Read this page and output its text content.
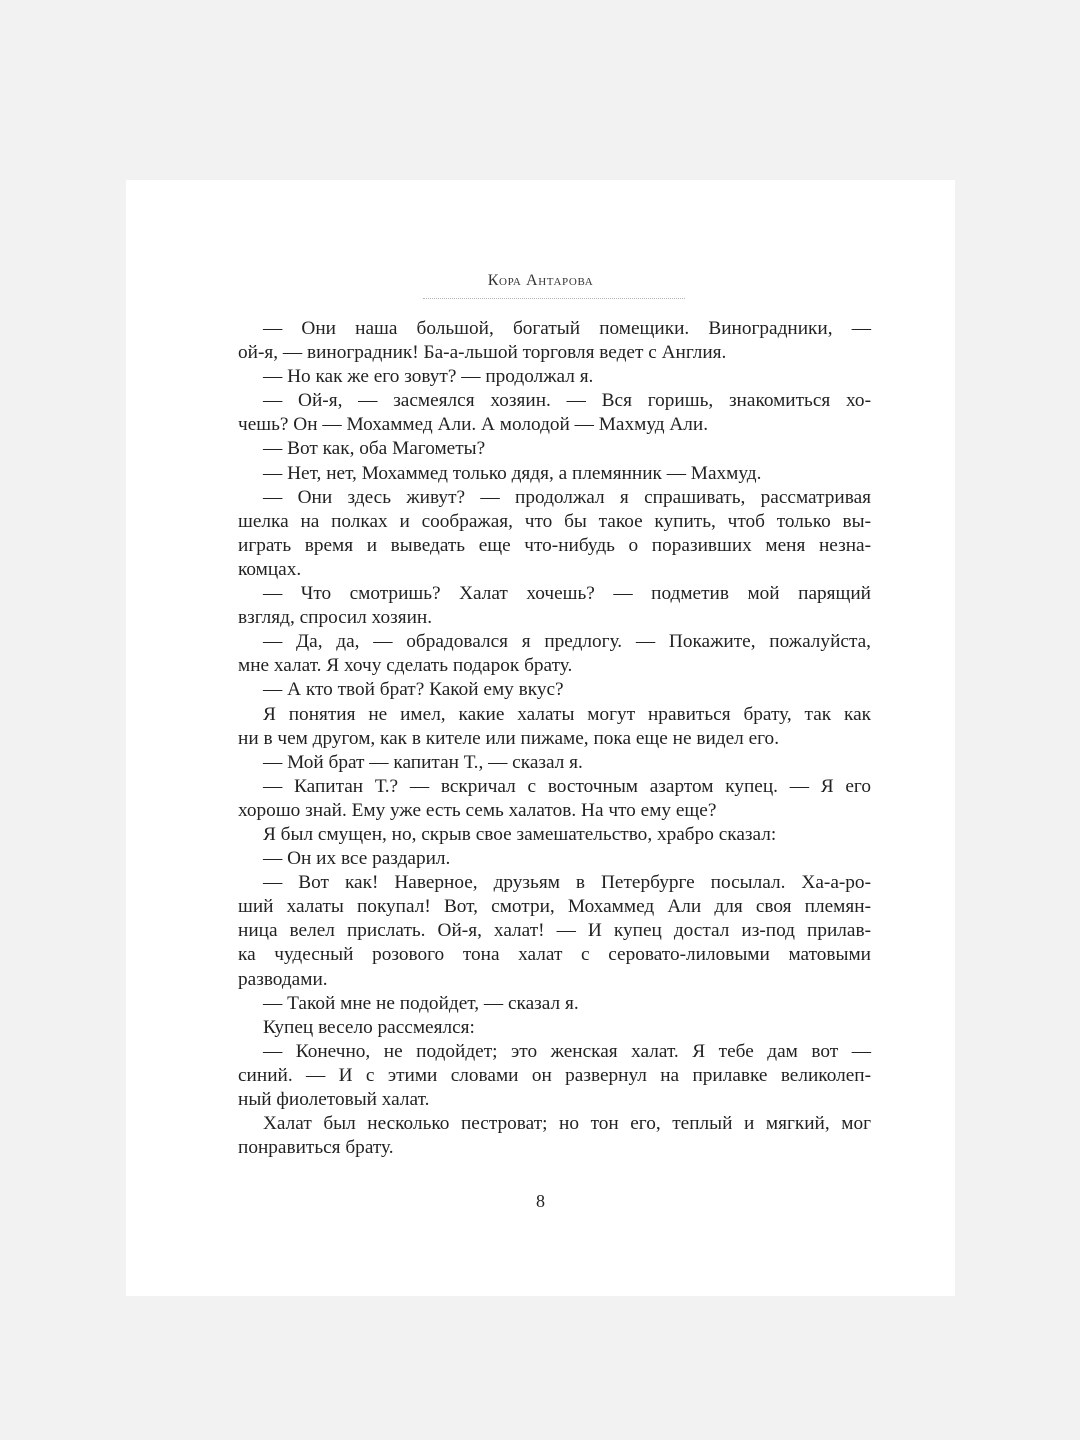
Кора Антарова
— Они наша большой, богатый помещики. Виноградники, —
ой-я, — виноградник! Ба-а-льшой торговля ведет с Англия.
— Но как же его зовут? — продолжал я.
— Ой-я, — засмеялся хозяин. — Вся горишь, знакомиться хо-
чешь? Он — Мохаммед Али. А молодой — Махмуд Али.
— Вот как, оба Магометы?
— Нет, нет, Мохаммед только дядя, а племянник — Махмуд.
— Они здесь живут? — продолжал я спрашивать, рассматривая
шелка на полках и соображая, что бы такое купить, чтоб только вы-
играть время и выведать еще что-нибудь о поразивших меня незна-
комцах.
— Что смотришь? Халат хочешь? — подметив мой парящий
взгляд, спросил хозяин.
— Да, да, — обрадовался я предлогу. — Покажите, пожалуйста,
мне халат. Я хочу сделать подарок брату.
— А кто твой брат? Какой ему вкус?
Я понятия не имел, какие халаты могут нравиться брату, так как
ни в чем другом, как в кителе или пижаме, пока еще не видел его.
— Мой брат — капитан Т., — сказал я.
— Капитан Т.? — вскричал с восточным азартом купец. — Я его
хорошо знай. Ему уже есть семь халатов. На что ему еще?
Я был смущен, но, скрыв свое замешательство, храбро сказал:
— Он их все раздарил.
— Вот как! Наверное, друзьям в Петербурге посылал. Ха-а-ро-
ший халаты покупал! Вот, смотри, Мохаммед Али для своя племян-
ница велел прислать. Ой-я, халат! — И купец достал из-под прилав-
ка чудесный розового тона халат с серовато-лиловыми матовыми
разводами.
— Такой мне не подойдет, — сказал я.
Купец весело рассмеялся:
— Конечно, не подойдет; это женская халат. Я тебе дам вот —
синий. — И с этими словами он развернул на прилавке великолеп-
ный фиолетовый халат.
Халат был несколько пестроват; но тон его, теплый и мягкий, мог
понравиться брату.
8
